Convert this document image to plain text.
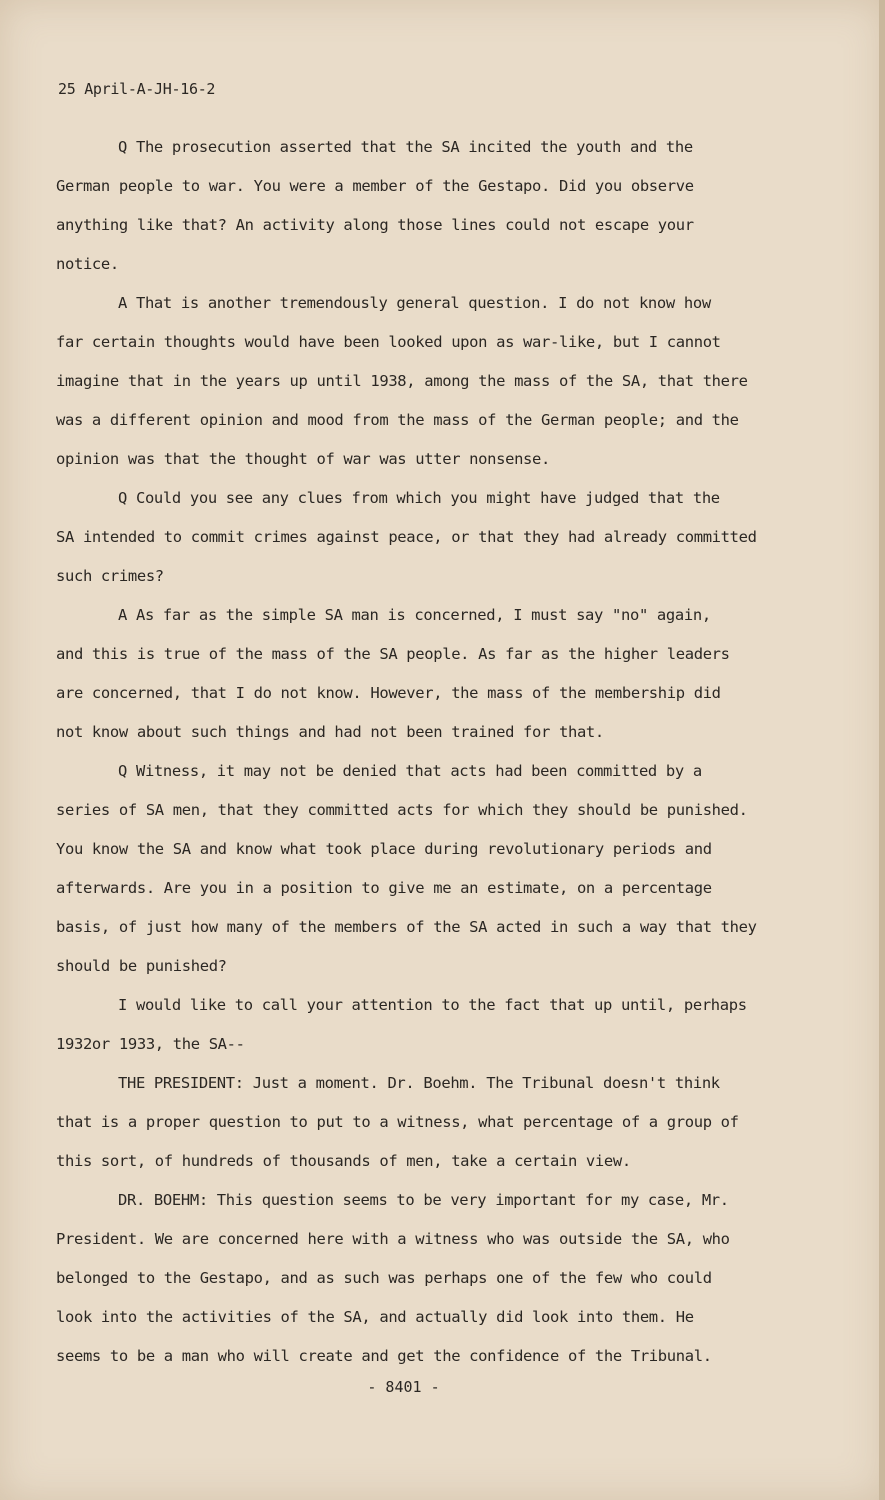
25 April-A-JH-16-2
Q The prosecution asserted that the SA incited the youth and the
German people to war. You were a member of the Gestapo. Did you observe
anything like that? An activity along those lines could not escape your
notice.
A That is another tremendously general question. I do not know how
far certain thoughts would have been looked upon as war-like, but I cannot
imagine that in the years up until 1938, among the mass of the SA, that there
was a different opinion and mood from the mass of the German people; and the
opinion was that the thought of war was utter nonsense.
Q Could you see any clues from which you might have judged that the
SA intended to commit crimes against peace, or that they had already committed
such crimes?
A As far as the simple SA man is concerned, I must say "no" again,
and this is true of the mass of the SA people. As far as the higher leaders
are concerned, that I do not know. However, the mass of the membership did
not know about such things and had not been trained for that.
Q Witness, it may not be denied that acts had been committed by a
series of SA men, that they committed acts for which they should be punished.
You know the SA and know what took place during revolutionary periods and
afterwards. Are you in a position to give me an estimate, on a percentage
basis, of just how many of the members of the SA acted in such a way that they
should be punished?
I would like to call your attention to the fact that up until, perhaps
1932or 1933, the SA--
THE PRESIDENT: Just a moment. Dr. Boehm. The Tribunal doesn't think
that is a proper question to put to a witness, what percentage of a group of
this sort, of hundreds of thousands of men, take a certain view.
DR. BOEHM: This question seems to be very important for my case, Mr.
President. We are concerned here with a witness who was outside the SA, who
belonged to the Gestapo, and as such was perhaps one of the few who could
look into the activities of the SA, and actually did look into them. He
seems to be a man who will create and get the confidence of the Tribunal.
- 8401 -
